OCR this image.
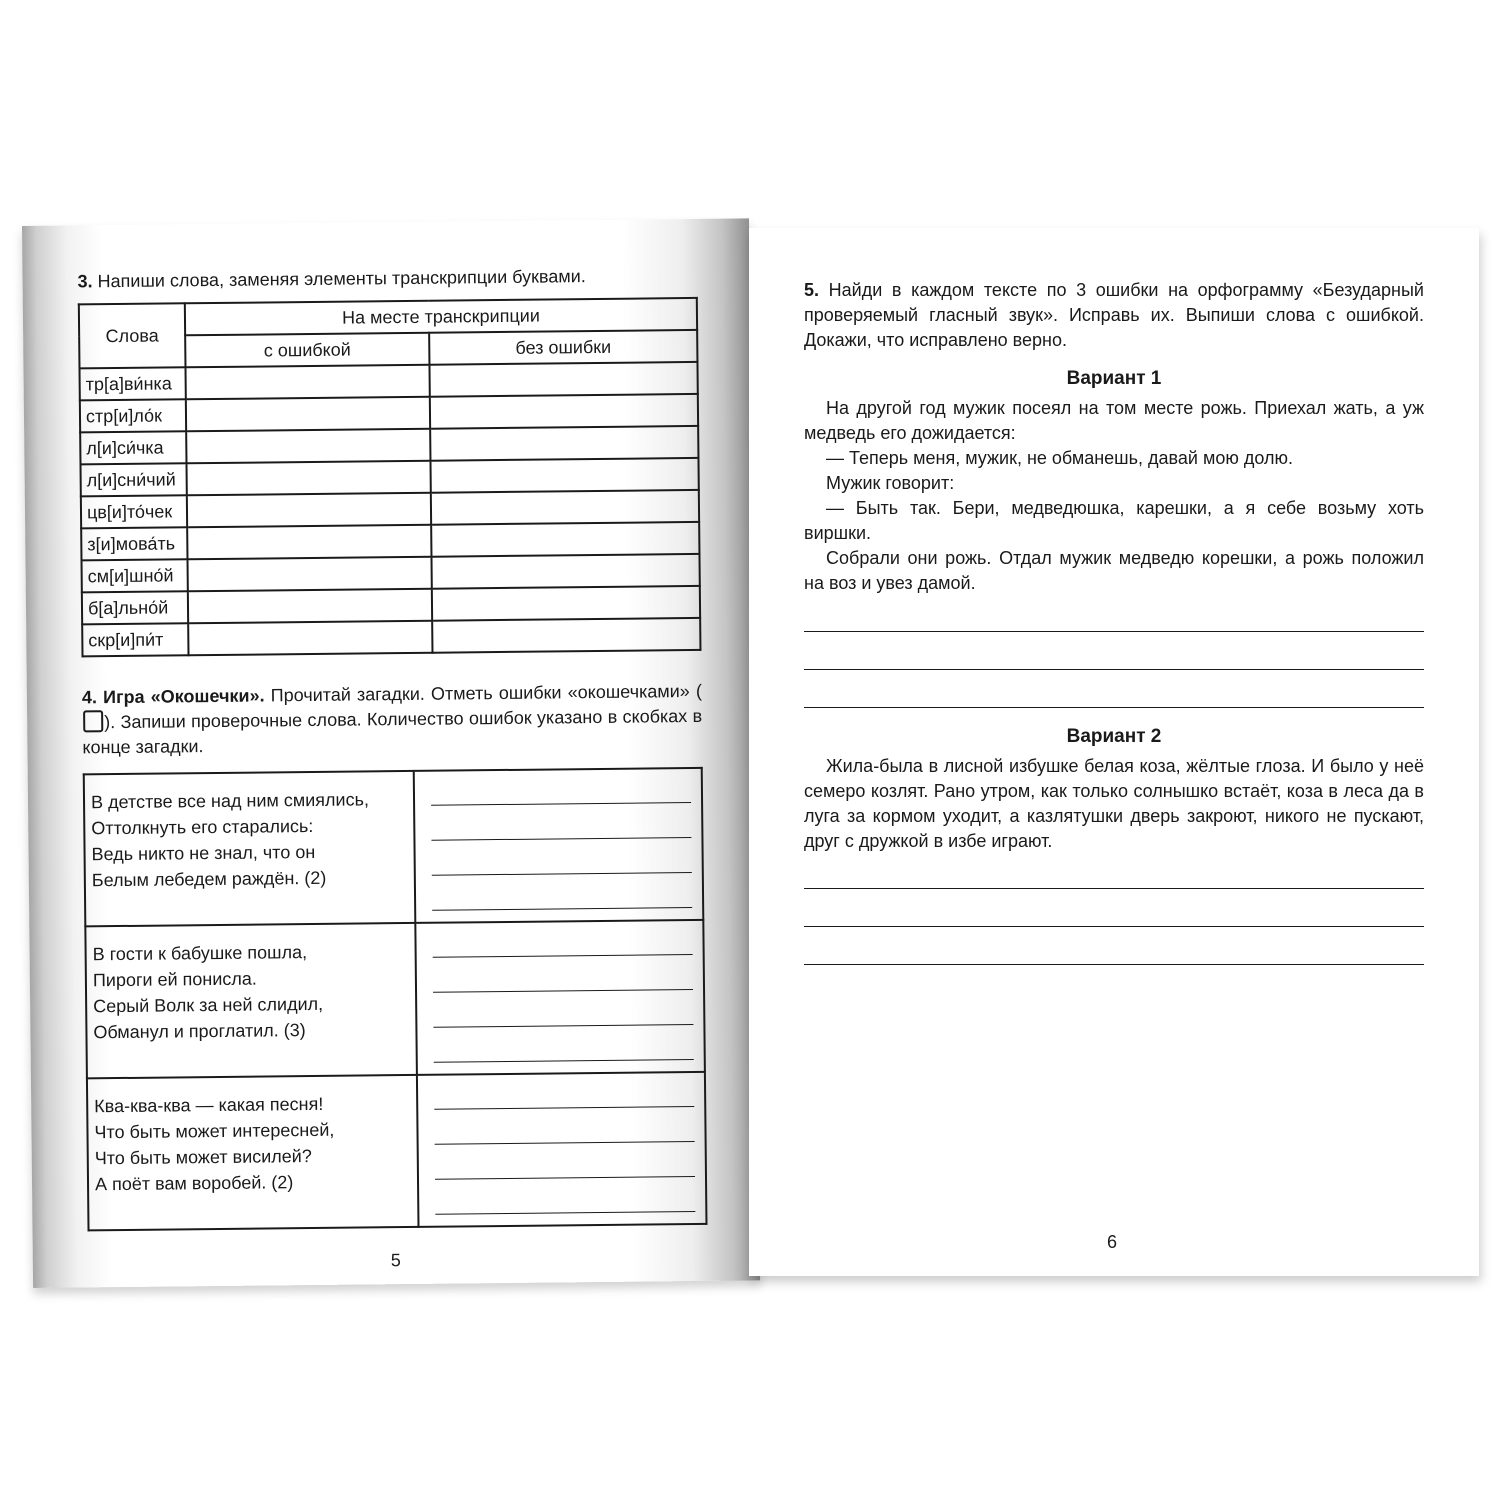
3. Напиши слова, заменяя элементы транскрипции буквами.
Слова	На месте транскрипции	
	с ошибкой	без ошибки
тр[а]ви́нка		
стр[и]ло́к		
л[и]си́чка		
л[и]сни́чий		
цв[и]то́чек		
з[и]мова́ть		
см[и]шно́й		
б[а]льно́й		
скр[и]пи́т		
4. Игра «Окошечки». Прочитай загадки. Отметь ошибки «окошечками» (). Запиши проверочные слова. Количество ошибок указано в скобках в конце загадки.
В детстве все над ним смиялись,
Оттолкнуть его старались:
Ведь никто не знал, что он
Белым лебедем раждён. (2)	

В гости к бабушке пошла,
Пироги ей понисла.
Серый Волк за ней слидил,
Обманул и проглатил. (3)	

Ква-ква-ква — какая песня!
Что быть может интересней,
Что быть может висилей?
А поёт вам воробей. (2)	

5
5. Найди в каждом тексте по 3 ошибки на орфограмму «Безударный проверяемый гласный звук». Исправь их. Выпиши слова с ошибкой. Докажи, что исправлено верно.
Вариант 1
На другой год мужик посеял на том месте рожь. Приехал жать, а уж медведь его дожидается:
— Теперь меня, мужик, не обманешь, давай мою долю.
Мужик говорит:
— Быть так. Бери, медведюшка, карешки, а я себе возьму хоть виршки.
Собрали они рожь. Отдал мужик медведю корешки, а рожь положил на воз и увез дамой.
Вариант 2
Жила-была в лисной избушке белая коза, жёлтые глоза. И было у неё семеро козлят. Рано утром, как только солнышко встаёт, коза в леса да в луга за кормом уходит, а казлятушки дверь закроют, никого не пускают, друг с дружкой в избе играют.
6
